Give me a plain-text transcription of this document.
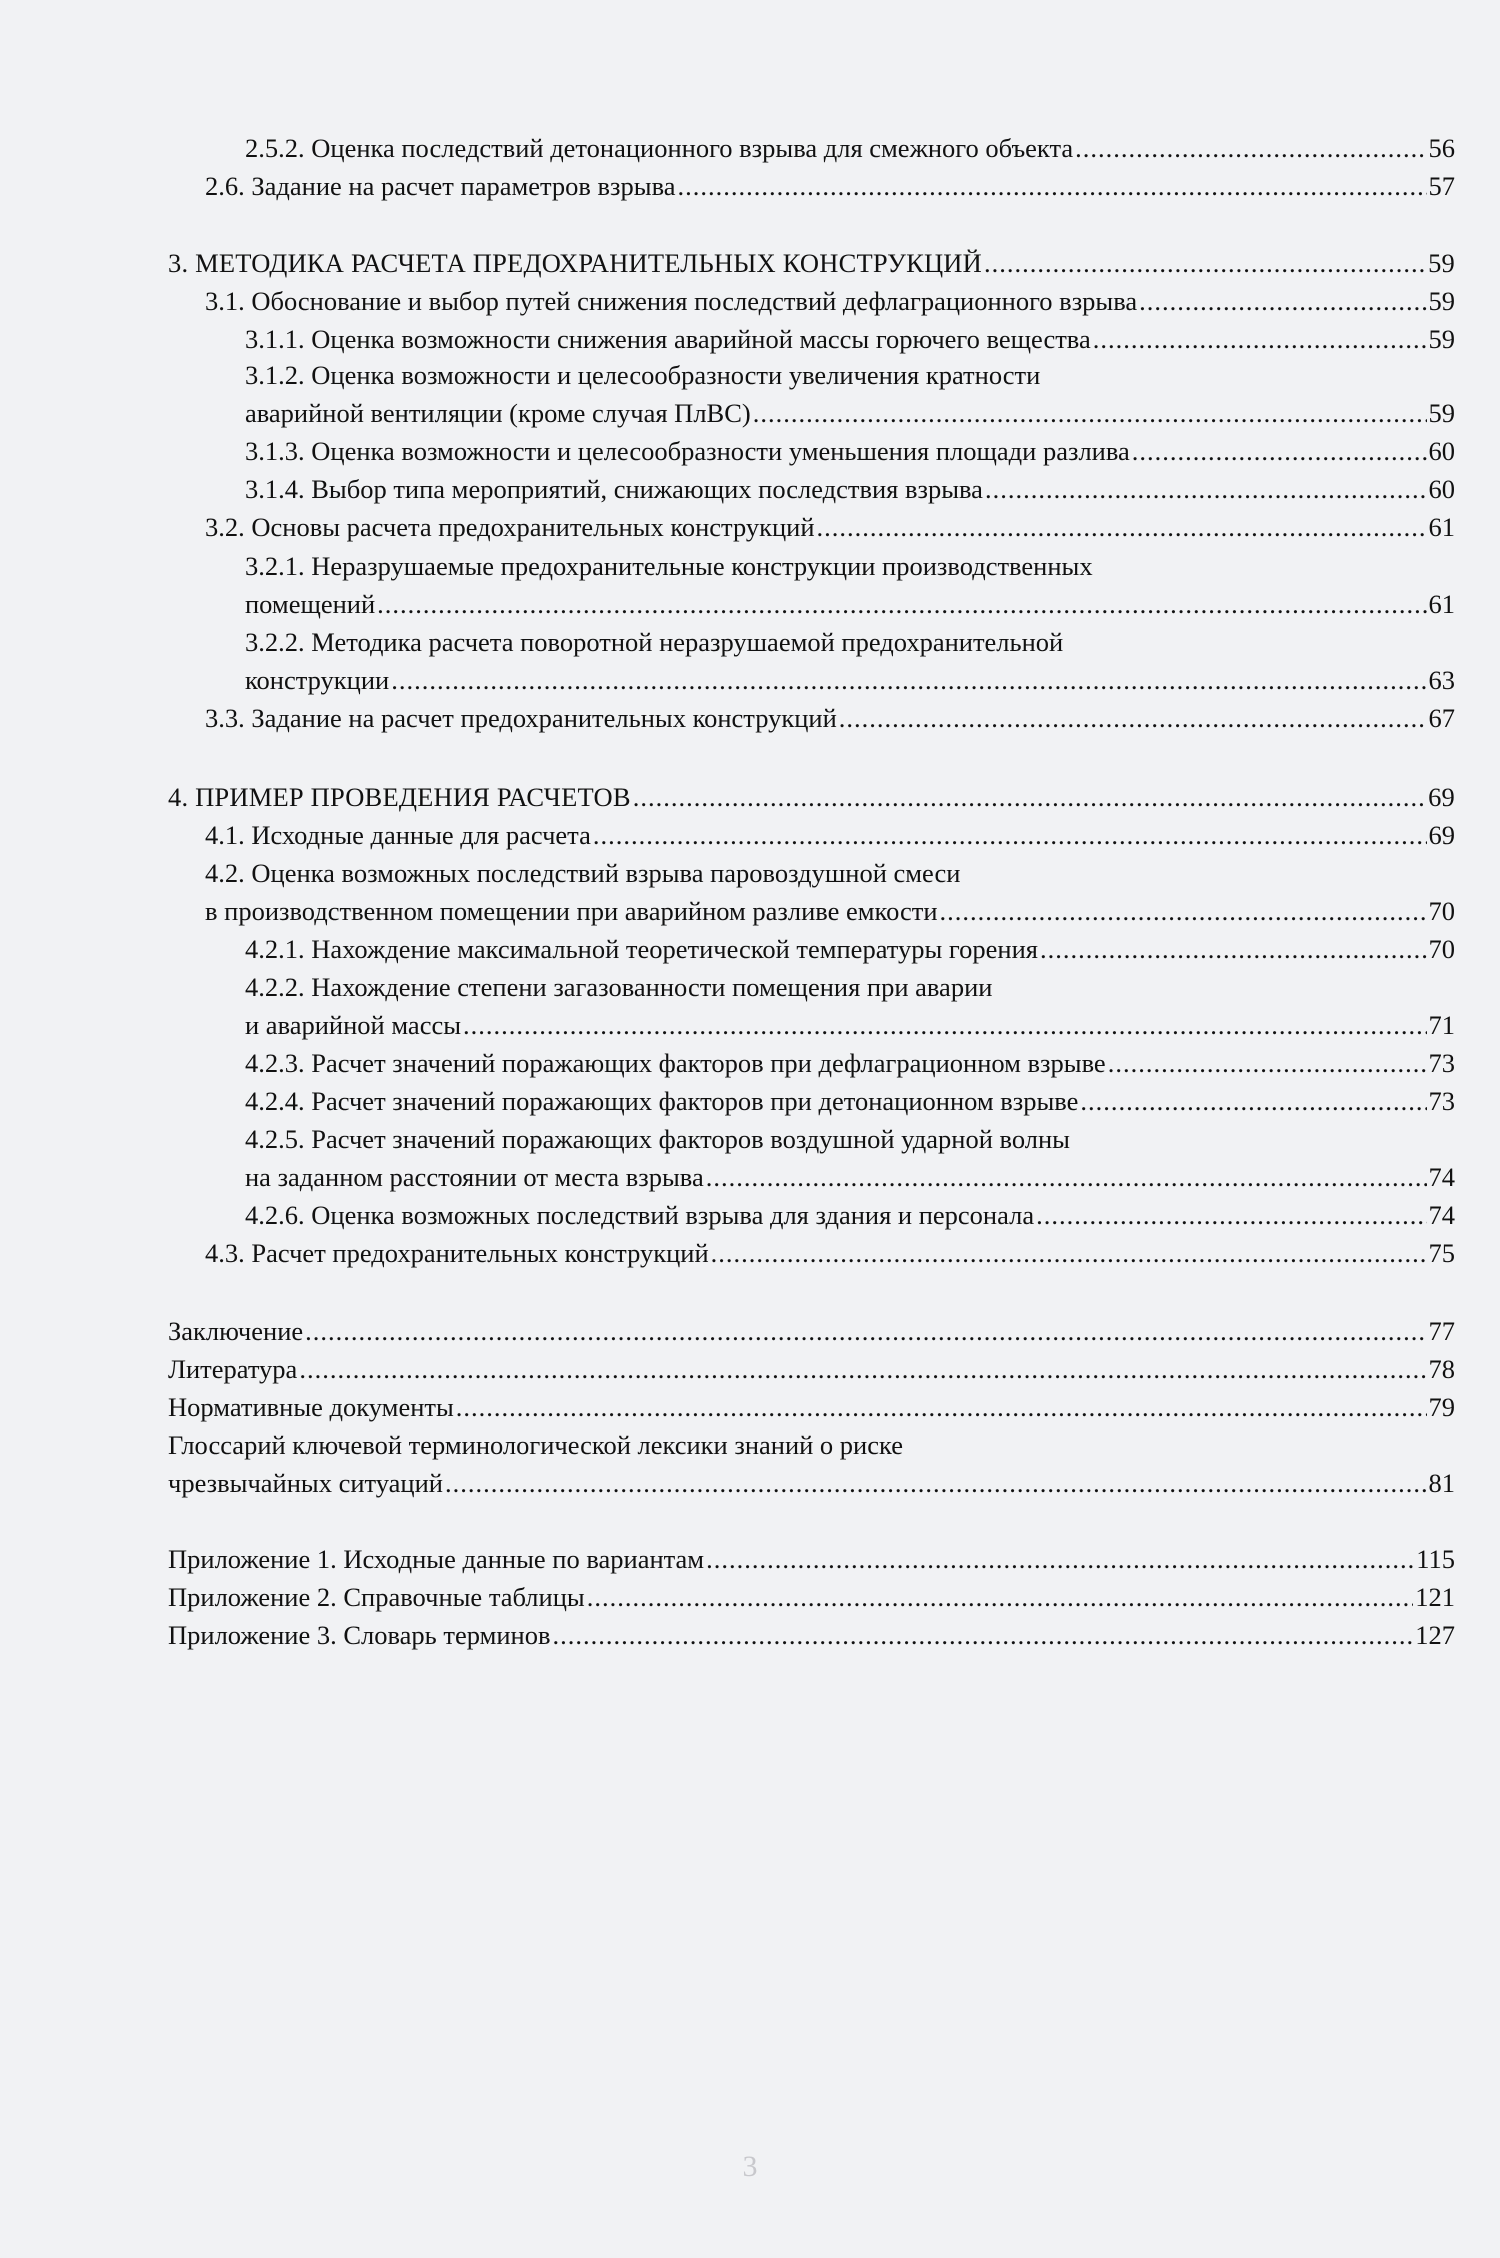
2.5.2. Оценка последствий детонационного взрыва для смежного объекта .....	56
2.6. Задание на расчет параметров взрыва .....	57
3. МЕТОДИКА РАСЧЕТА ПРЕДОХРАНИТЕЛЬНЫХ КОНСТРУКЦИЙ .....	59
3.1. Обоснование и выбор путей снижения последствий дефлаграционного взрыва .....	59
3.1.1. Оценка возможности снижения аварийной массы горючего вещества .....	59
3.1.2. Оценка возможности и целесообразности увеличения кратности
аварийной вентиляции (кроме случая ПлВС) .....	59
3.1.3. Оценка возможности и целесообразности уменьшения площади разлива .....	60
3.1.4. Выбор типа мероприятий, снижающих последствия взрыва .....	60
3.2. Основы расчета предохранительных конструкций .....	61
3.2.1. Неразрушаемые предохранительные конструкции производственных
помещений .....	61
3.2.2. Методика расчета поворотной неразрушаемой предохранительной
конструкции .....	63
3.3. Задание на расчет предохранительных конструкций .....	67
4. ПРИМЕР ПРОВЕДЕНИЯ РАСЧЕТОВ .....	69
4.1. Исходные данные для расчета .....	69
4.2. Оценка возможных последствий взрыва паровоздушной смеси
в производственном помещении при аварийном разливе емкости .....	70
4.2.1. Нахождение максимальной теоретической температуры горения .....	70
4.2.2. Нахождение степени загазованности помещения при аварии
и аварийной массы .....	71
4.2.3. Расчет значений поражающих факторов при дефлаграционном взрыве .....	73
4.2.4. Расчет значений поражающих факторов при детонационном взрыве .....	73
4.2.5. Расчет значений поражающих факторов воздушной ударной волны
на заданном расстоянии от места взрыва .....	74
4.2.6. Оценка возможных последствий взрыва для здания и персонала .....	74
4.3. Расчет предохранительных конструкций .....	75
Заключение .....	77
Литература .....	78
Нормативные документы .....	79
Глоссарий ключевой терминологической лексики знаний о риске
чрезвычайных ситуаций .....	81
Приложение 1. Исходные данные по вариантам .....	115
Приложение 2. Справочные таблицы .....	121
Приложение 3. Словарь терминов .....	127
3
